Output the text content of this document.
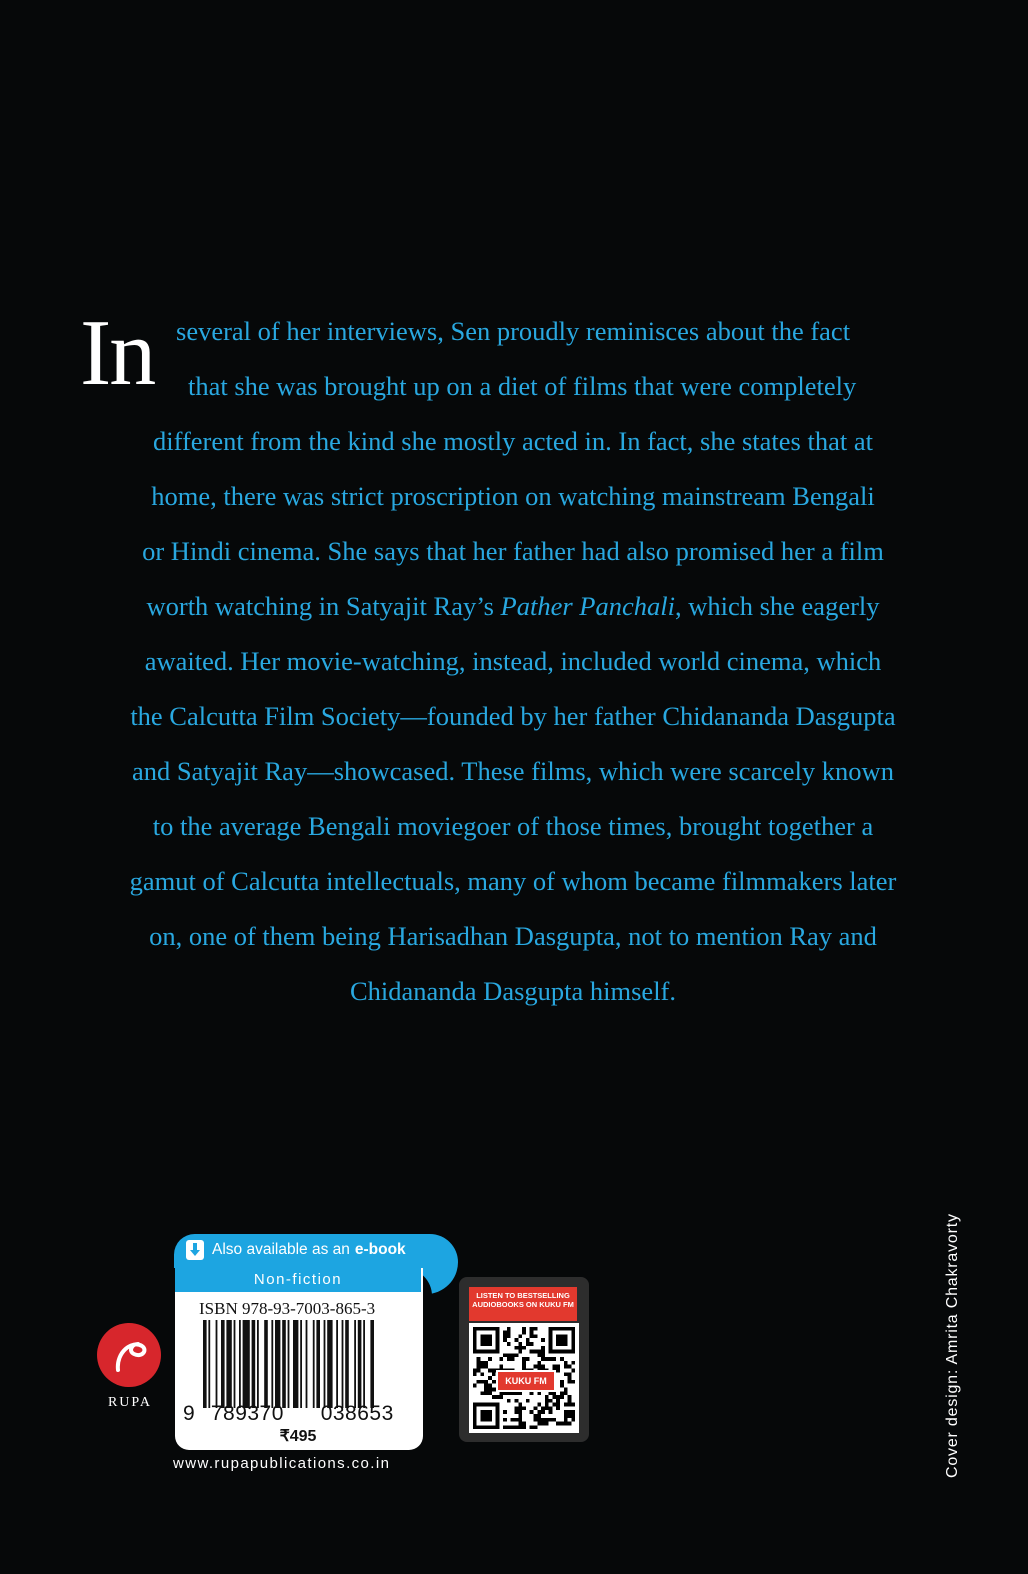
In several of her interviews, Sen proudly reminisces about the fact
that she was brought up on a diet of films that were completely
different from the kind she mostly acted in. In fact, she states that at
home, there was strict proscription on watching mainstream Bengali
or Hindi cinema. She says that her father had also promised her a film
worth watching in Satyajit Ray’s Pather Panchali, which she eagerly
awaited. Her movie-watching, instead, included world cinema, which
the Calcutta Film Society—founded by her father Chidananda Dasgupta
and Satyajit Ray—showcased. These films, which were scarcely known
to the average Bengali moviegoer of those times, brought together a
gamut of Calcutta intellectuals, many of whom became filmmakers later
on, one of them being Harisadhan Dasgupta, not to mention Ray and
Chidananda Dasgupta himself.
Also available as an e-book
Non-fiction
ISBN 978-93-7003-865-3
9 789370 038653
₹495
www.rupapublications.co.in
RUPA
LISTEN TO BESTSELLING AUDIOBOOKS ON KUKU FM
KUKU FM	Cover design: Amrita Chakravorty
